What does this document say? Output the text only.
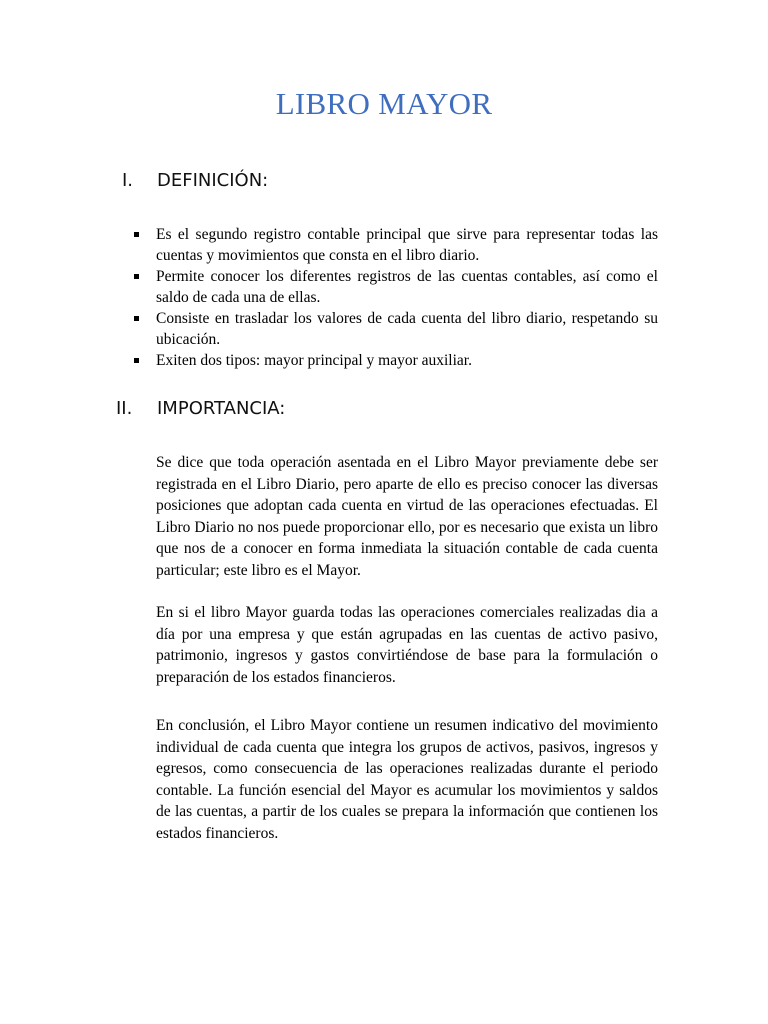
LIBRO MAYOR
I. DEFINICIÓN:
Es el segundo registro contable principal que sirve para representar todas las cuentas y movimientos que consta en el libro diario.
Permite conocer los diferentes registros de las cuentas contables, así como el saldo de cada una de ellas.
Consiste en trasladar los valores de cada cuenta del libro diario, respetando su ubicación.
Exiten dos tipos: mayor principal y mayor auxiliar.
II. IMPORTANCIA:

Se dice que toda operación asentada en el Libro Mayor previamente debe ser registrada en el Libro Diario, pero aparte de ello es preciso conocer las diversas posiciones que adoptan cada cuenta en virtud de las operaciones efectuadas. El Libro Diario no nos puede proporcionar ello, por es necesario que exista un libro que nos de a conocer en forma inmediata la situación contable de cada cuenta particular; este libro es el Mayor.

En si el libro Mayor guarda todas las operaciones comerciales realizadas dia a día por una empresa y que están agrupadas en las cuentas de activo pasivo, patrimonio, ingresos y gastos convirtiéndose de base para la formulación o preparación de los estados financieros.

En conclusión, el Libro Mayor contiene un resumen indicativo del movimiento individual de cada cuenta que integra los grupos de activos, pasivos, ingresos y egresos, como consecuencia de las operaciones realizadas durante el periodo contable. La función esencial del Mayor es acumular los movimientos y saldos de las cuentas, a partir de los cuales se prepara la información que contienen los estados financieros.
